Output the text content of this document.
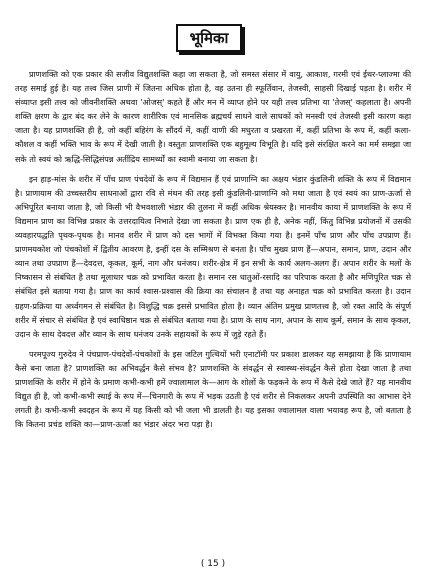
भूमिका

प्राणशक्ति को एक प्रकार की सजीव विद्युतशक्ति कहा जा सकता है, जो समस्त संसार में वायु, आकाश, गरमी एवं ईथर-प्लाज्मा की तरह समाई हुई है। यह तत्त्व जिस प्राणी में जितना अधिक होता है, वह उतना ही स्फूर्तिवान, तेजस्वी, साहसी दिखाई पड़ता है। शरीर में संव्याप्त इसी तत्त्व को जीवनीशक्ति अथवा 'ओजस्' कहते हैं और मन में व्याप्त होने पर यही तत्त्व प्रतिभा या 'तेजस्' कहलाता है। अपनी शक्ति क्षरण के द्वार बंद कर लेने के कारण शारीरिक एवं मानसिक ब्रह्मचर्य साधने वाले साधकों को मनस्वी एवं तेजस्वी इसी कारण कहा जाता है। यह प्राणशक्ति ही है, जो कहीं बहिरंग के सौंदर्य में, कहीं वाणी की मधुरता व प्रखरता में, कहीं प्रतिभा के रूप में, कहीं कला-कौशल व कहीं भक्ति भाव के रूप में देखी जाती है। वस्तुतः प्राणशक्ति एक बहुमूल्य विभूति है। यदि इसे संरक्षित करने का मर्म समझा जा सके तो स्वयं को ऋद्धि-सिद्धिसंपन्न अतींद्रिय सामर्थ्यों का स्वामी बनाया जा सकता है।

इन हाड़-मांस के शरीर में पाँच प्राण पंचदेवों के रूप में विद्यमान हैं एवं प्राणाग्नि का अक्षय भंडार कुंडलिनी शक्ति के रूप में विद्यमान है। प्राणायाम की उच्चस्तरीय साधनाओं द्वारा रवि से मंथन की तरह इसी कुंडलिनी-प्राणाग्नि को मथा जाता है एवं स्वयं का प्राण-ऊर्जा से अभिपूरित बनाया जाता है, जो किसी भी वैभवशाली भंडार की तुलना में कहीं अधिक श्रेयस्कर है। मानवीय काया में प्राणशक्ति के रूप में विद्यमान प्राण का विभिन्न प्रकार के उत्तरदायित्व निभाते देखा जा सकता है। प्राण एक ही है, अनेक नहीं, किंतु विभिन्न प्रयोजनों में उसकी व्यवहारपद्धति पृथक-पृथक है। मानव शरीर में प्राण को दस भागों में विभक्त किया गया है। इनमें पाँच प्राण और पाँच उपप्राण हैं। प्राणमयकोश जो पंचकोशों में द्वितीय आवरण है, इन्हीं दस के सम्मिश्रण से बनता है। पाँच मुख्य प्राण हैं—अपान, समान, प्राण, उदान और व्यान तथा उपप्राण हैं—देवदत्त, कृकल, कूर्म, नाग और धनंजय। शरीर-क्षेत्र में इन सभी के कार्य अलग-अलग हैं। अपान शरीर के मलों के निष्कासन से संबंधित है तथा मूलाधार चक्र को प्रभावित करता है। समान रस धातुओं-रसादि का परिपाक करता है और मणिपूरित चक्र से संबंधित इसे बताया गया है। प्राण का कार्य श्वास-प्रश्वास की क्रिया का संचालन है तथा यह अनाहत चक्र को प्रभावित करता है। उदान ग्रहण-प्रक्रिया या अर्ध्वगमन से संबंधित है। विशुद्धि चक्र इससे प्रभावित होता है। व्यान अंतिम प्रमुख प्राणतत्त्व है, जो रक्त आदि के संपूर्ण शरीर में संचार से संबंधित है एवं स्वाधिष्ठान चक्र से संबंधित बताया गया है। प्राण के साथ नाग, अपान के साथ कूर्म, समान के साथ कृकल, उदान के साथ देवदत्त और व्यान के साथ धनंजय उनके सहायकों के रूप में जुड़े रहते हैं।

परमपूज्य गुरुदेव ने पंचप्राण-पंचदेवों-पंचकोशों के इस जटिल गुत्थियों भरी एनाटॉमी पर प्रकाश डालकर यह समझाया है कि प्राणायाम कैसे बना जाता है? प्राणशक्ति का अभिवर्द्धन कैसे संभव है? प्राणशक्ति के संवर्द्धन से स्वास्थ्य-संवर्द्धन कैसे होता देखा जाता है तथा प्राणशक्ति के शरीर में होने के प्रमाण कभी-कभी हमें ज्वालामाल के—आग के शोलों के फड़कने के रूप में कैसे देखे जाते हैं? यह मानवीय विद्युत ही है, जो कभी-कभी स्थाई के रूप में—चिनगारी के रूप में भड़क उठती है एवं शरीर से निकलकर अपनी उपस्थिति का आभास देने लगती है। कभी-कभी स्वदहन के रूप में यह किसी को भी जला भी डालती है। यह इसका ज्वालामल वाला भयावह रूप है, जो बताता है कि कितना प्रचंड शक्ति का—प्राण-ऊर्जा का भंडार अंदर भरा पड़ा है।

( 15 )
